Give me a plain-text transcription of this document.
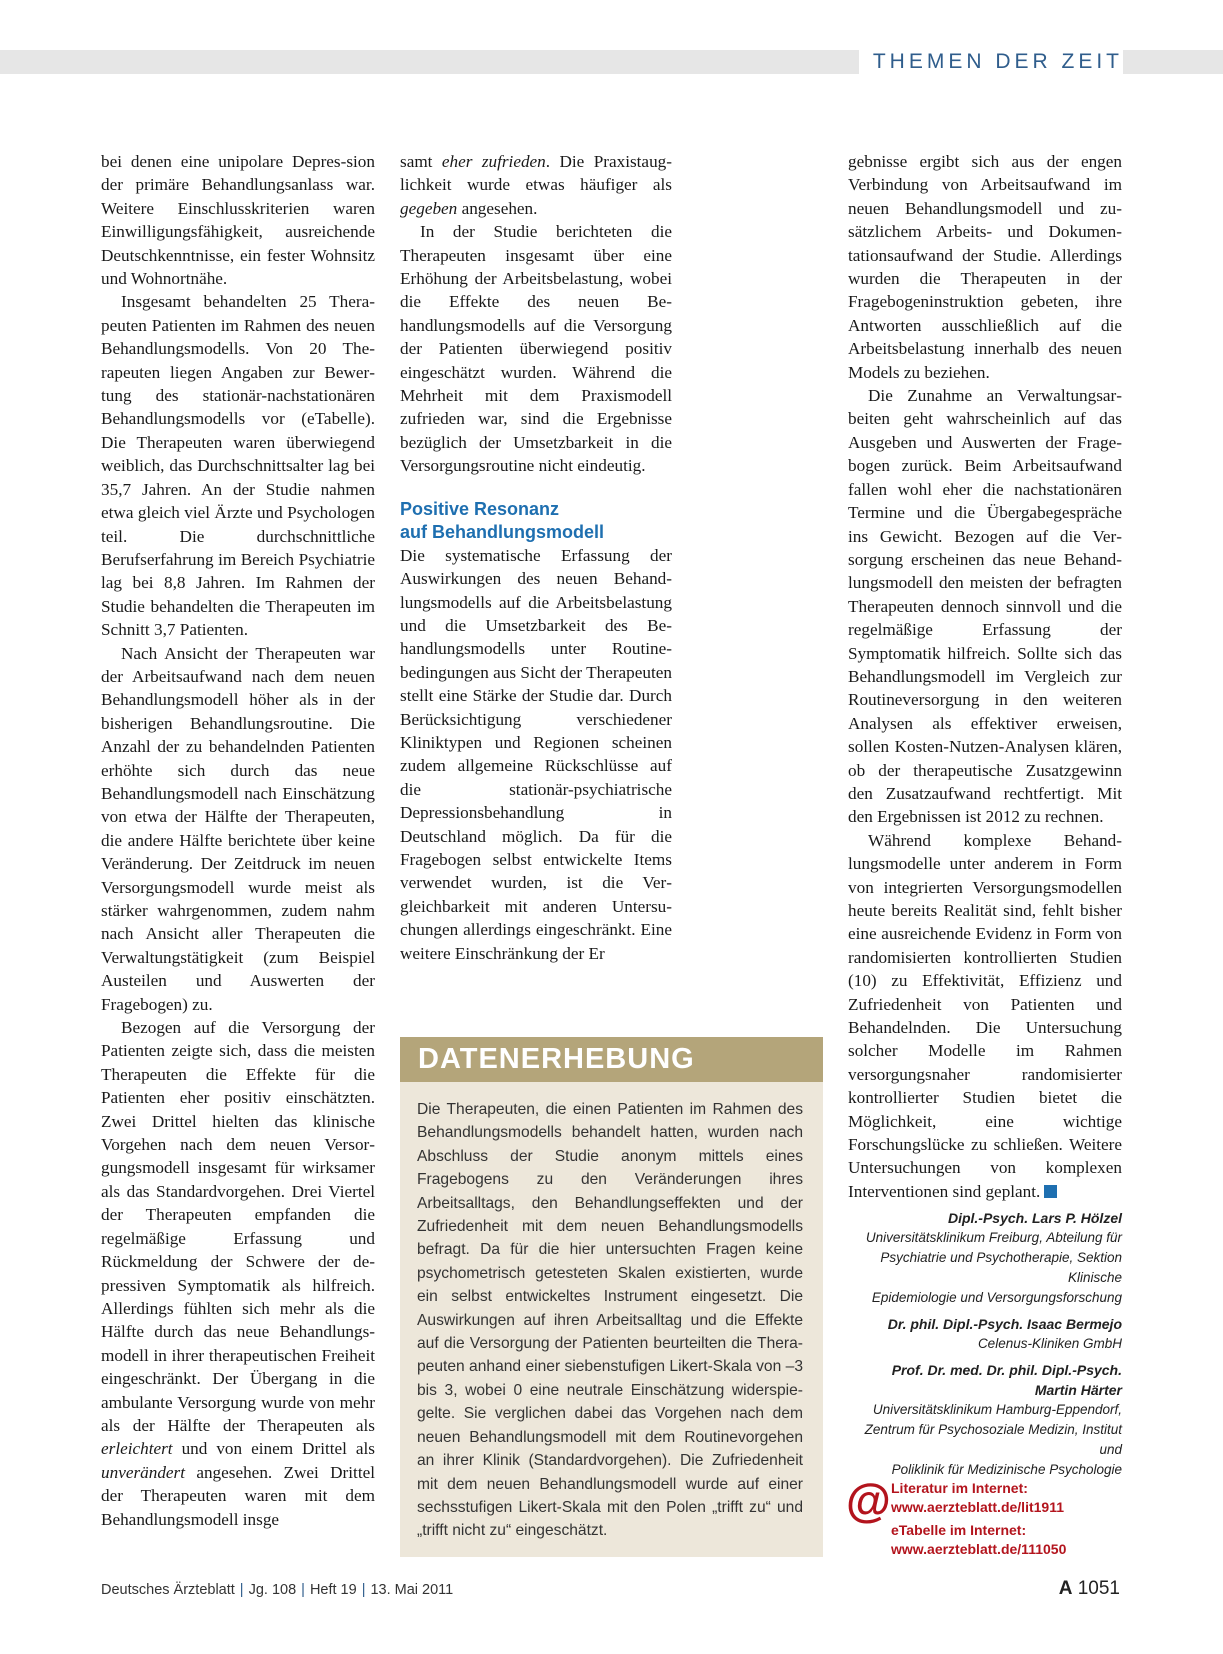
THEMEN DER ZEIT

bei denen eine unipolare Depres-sion der primäre Behandlungsanlass war. Weitere Einschlusskriterien waren Einwilligungsfähigkeit, ausreichende Deutschkenntnisse, ein fester Wohnsitz und Wohnortnähe.

Insgesamt behandelten 25 Therapeuten Patienten im Rahmen des neuen Behandlungsmodells. Von 20 Therapeuten liegen Angaben zur Bewertung des stationär-nachstationären Behandlungsmodells vor (eTabelle). Die Therapeuten waren überwiegend weiblich, das Durchschnittsalter lag bei 35,7 Jahren. An der Studie nahmen etwa gleich viel Ärzte und Psychologen teil. Die durchschnittliche Berufserfahrung im Bereich Psychiatrie lag bei 8,8 Jahren. Im Rahmen der Studie behandelten die Therapeuten im Schnitt 3,7 Patienten.

Nach Ansicht der Therapeuten war der Arbeitsaufwand nach dem neuen Behandlungsmodell höher als in der bisherigen Behandlungsroutine. Die Anzahl der zu behandelnden Patienten erhöhte sich durch das neue Behandlungsmodell nach Einschätzung von etwa der Hälfte der Therapeuten, die andere Hälfte berichtete über keine Veränderung. Der Zeitdruck im neuen Versorgungsmodell wurde meist als stärker wahrgenommen, zudem nahm nach Ansicht aller Therapeuten die Verwaltungstätigkeit (zum Beispiel Austeilen und Auswerten der Fragebogen) zu.

Bezogen auf die Versorgung der Patienten zeigte sich, dass die meisten Therapeuten die Effekte für die Patienten eher positiv einschätzten. Zwei Drittel hielten das klinische Vorgehen nach dem neuen Versorgungsmodell insgesamt für wirksamer als das Standardvorgehen. Drei Viertel der Therapeuten empfanden die regelmäßige Erfassung und Rückmeldung der Schwere der depressiven Symptomatik als hilfreich. Allerdings fühlten sich mehr als die Hälfte durch das neue Behandlungsmodell in ihrer therapeutischen Freiheit eingeschränkt. Der Übergang in die ambulante Versorgung wurde von mehr als der Hälfte der Therapeuten als erleichtert und von einem Drittel als unverändert angesehen. Zwei Drittel der Therapeuten waren mit dem Behandlungsmodell insge

samt eher zufrieden. Die Praxistauglichkeit wurde etwas häufiger als gegeben angesehen.

In der Studie berichteten die Therapeuten insgesamt über eine Erhöhung der Arbeitsbelastung, wobei die Effekte des neuen Behandlungsmodells auf die Versorgung der Patienten überwiegend positiv eingeschätzt wurden. Während die Mehrheit mit dem Praxismodell zufrieden war, sind die Ergebnisse bezüglich der Umsetzbarkeit in die Versorgungsroutine nicht eindeutig.

Positive Resonanz
auf Behandlungsmodell

Die systematische Erfassung der Auswirkungen des neuen Behandlungsmodells auf die Arbeitsbelastung und die Umsetzbarkeit des Behandlungsmodells unter Routinebedingungen aus Sicht der Therapeuten stellt eine Stärke der Studie dar. Durch Berücksichtigung verschiedener Kliniktypen und Regionen scheinen zudem allgemeine Rückschlüsse auf die stationär-psychiatrische Depressionsbehandlung in Deutschland möglich. Da für die Fragebogen selbst entwickelte Items verwendet wurden, ist die Vergleichbarkeit mit anderen Untersuchungen allerdings eingeschränkt. Eine weitere Einschränkung der Er

DATENERHEBUNG
Die Therapeuten, die einen Patienten im Rahmen des Behandlungsmodells behandelt hatten, wurden nach Abschluss der Studie anonym mittels eines Fragebogens zu den Veränderungen ihres Arbeitsalltags, den Behandlungseffekten und der Zufriedenheit mit dem neuen Behandlungsmodells befragt. Da für die hier untersuchten Fragen keine psychometrisch getesteten Skalen existierten, wurde ein selbst entwickeltes Instrument eingesetzt. Die Auswirkungen auf ihren Arbeitsalltag und die Effekte auf die Versorgung der Patienten beurteilten die Therapeuten anhand einer siebenstufigen Likert-Skala von –3 bis 3, wobei 0 eine neutrale Einschätzung widerspiegelte. Sie verglichen dabei das Vorgehen nach dem neuen Behandlungsmodell mit dem Routinevorgehen an ihrer Klinik (Standardvorgehen). Die Zufriedenheit mit dem neuen Behandlungsmodell wurde auf einer sechsstufigen Likert-Skala mit den Polen „trifft zu“ und „trifft nicht zu“ eingeschätzt.

gebnisse ergibt sich aus der engen Verbindung von Arbeitsaufwand im neuen Behandlungsmodell und zusätzlichem Arbeits- und Dokumentationsaufwand der Studie. Allerdings wurden die Therapeuten in der Fragebogeninstruktion gebeten, ihre Antworten ausschließlich auf die Arbeitsbelastung innerhalb des neuen Models zu beziehen.

Die Zunahme an Verwaltungsarbeiten geht wahrscheinlich auf das Ausgeben und Auswerten der Fragebogen zurück. Beim Arbeitsaufwand fallen wohl eher die nachstationären Termine und die Übergabegespräche ins Gewicht. Bezogen auf die Versorgung erscheinen das neue Behandlungsmodell den meisten der befragten Therapeuten dennoch sinnvoll und die regelmäßige Erfassung der Symptomatik hilfreich. Sollte sich das Behandlungsmodell im Vergleich zur Routineversorgung in den weiteren Analysen als effektiver erweisen, sollen Kosten-Nutzen-Analysen klären, ob der therapeutische Zusatzgewinn den Zusatzaufwand rechtfertigt. Mit den Ergebnissen ist 2012 zu rechnen.

Während komplexe Behandlungsmodelle unter anderem in Form von integrierten Versorgungsmodellen heute bereits Realität sind, fehlt bisher eine ausreichende Evidenz in Form von randomisierten kontrollierten Studien (10) zu Effektivität, Effizienz und Zufriedenheit von Patienten und Behandelnden. Die Untersuchung solcher Modelle im Rahmen versorgungsnaher randomisierter kontrollierter Studien bietet die Möglichkeit, eine wichtige Forschungslücke zu schließen. Weitere Untersuchungen von komplexen Interventionen sind geplant.

Dipl.-Psych. Lars P. Hölzel
Universitätsklinikum Freiburg, Abteilung für
Psychiatrie und Psychotherapie, Sektion Klinische
Epidemiologie und Versorgungsforschung
Dr. phil. Dipl.-Psych. Isaac Bermejo
Celenus-Kliniken GmbH
Prof. Dr. med. Dr. phil. Dipl.-Psych.
Martin Härter
Universitätsklinikum Hamburg-Eppendorf,
Zentrum für Psychosoziale Medizin, Institut und
Poliklinik für Medizinische Psychologie
@ Literatur im Internet:
www.aerzteblatt.de/lit1911
eTabelle im Internet:
www.aerzteblatt.de/111050
Deutsches Ärzteblatt | Jg. 108 | Heft 19 | 13. Mai 2011	A 1051
